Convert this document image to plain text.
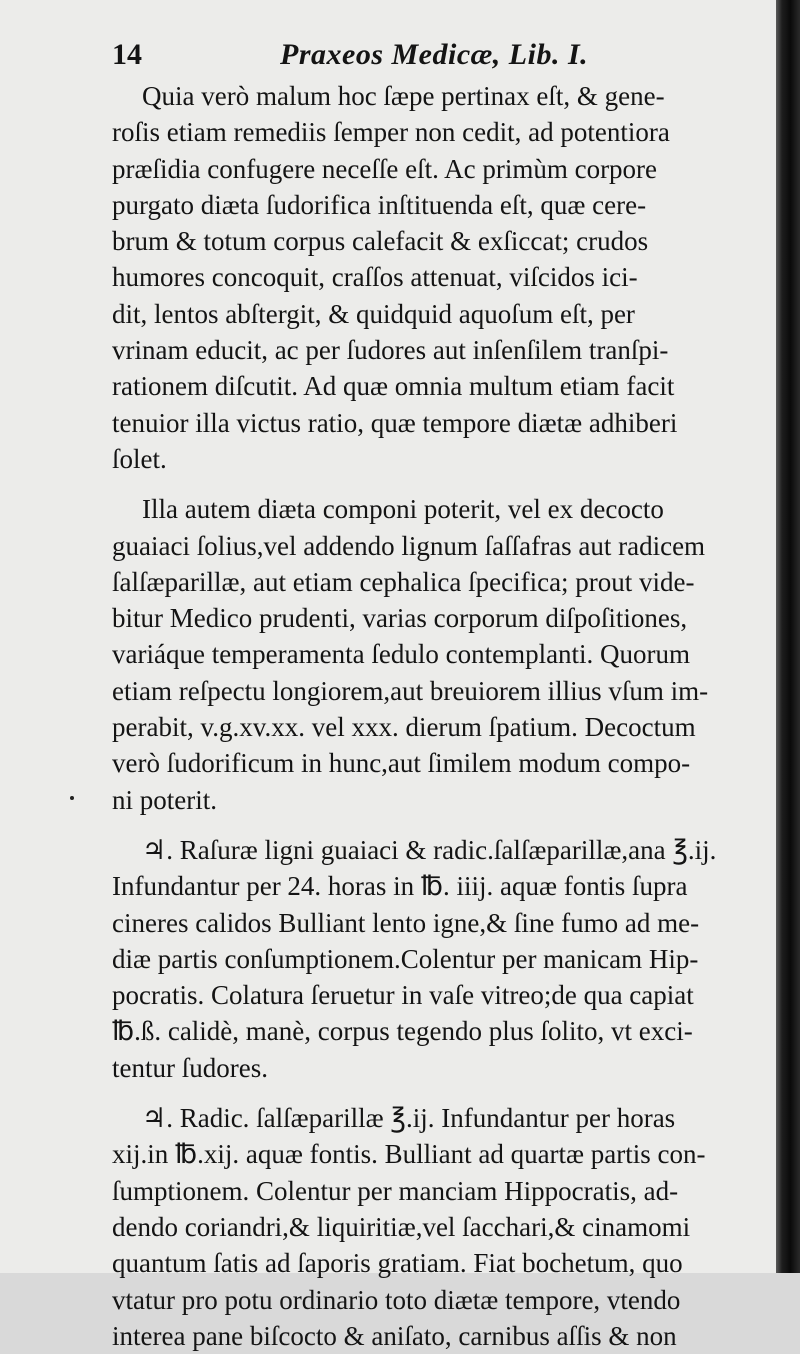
14	Praxeos Medicæ, Lib. I.
Quia verò malum hoc ſæpe pertinax eſt, & gene-
roſis etiam remediis ſemper non cedit, ad potentiora
præſidia confugere neceſſe eſt. Ac primùm corpore
purgato diæta ſudorifica inſtituenda eſt, quæ cere-
brum & totum corpus calefacit & exſiccat; crudos
humores concoquit, craſſos attenuat, viſcidos ici-
dit, lentos abſtergit, & quidquid aquoſum eſt, per
vrinam educit, ac per ſudores aut inſenſilem tranſpi-
rationem diſcutit. Ad quæ omnia multum etiam facit
tenuior illa victus ratio, quæ tempore diætæ adhiberi
ſolet.
Illa autem diæta componi poterit, vel ex decocto
guaiaci ſolius,vel addendo lignum ſaſſafras aut radicem
ſalſæparillæ, aut etiam cephalica ſpecifica; prout vide-
bitur Medico prudenti, varias corporum diſpoſitiones,
variáque temperamenta ſedulo contemplanti. Quorum
etiam reſpectu longiorem,aut breuiorem illius vſum im-
perabit, v.g.xv.xx. vel xxx. dierum ſpatium. Decoctum
verò ſudorificum in hunc,aut ſimilem modum compo-
ni poterit.
♃. Raſuræ ligni guaiaci & radic.ſalſæparillæ,ana ℥.ij.
Infundantur per 24. horas in ℔. iiij. aquæ fontis ſupra
cineres calidos Bulliant lento igne,& ſine fumo ad me-
diæ partis conſumptionem.Colentur per manicam Hip-
pocratis. Colatura ſeruetur in vaſe vitreo;de qua capiat
℔.ß. calidè, manè, corpus tegendo plus ſolito, vt exci-
tentur ſudores.
♃. Radic. ſalſæparillæ ℥.ij. Infundantur per horas
xij.in ℔.xij. aquæ fontis. Bulliant ad quartæ partis con-
ſumptionem. Colentur per manciam Hippocratis, ad-
dendo coriandri,& liquiritiæ,vel ſacchari,& cinamomi
quantum ſatis ad ſaporis gratiam. Fiat bochetum, quo
vtatur pro potu ordinario toto diætæ tempore, vtendo
interea pane biſcocto & aniſato, carnibus aſſis & non
